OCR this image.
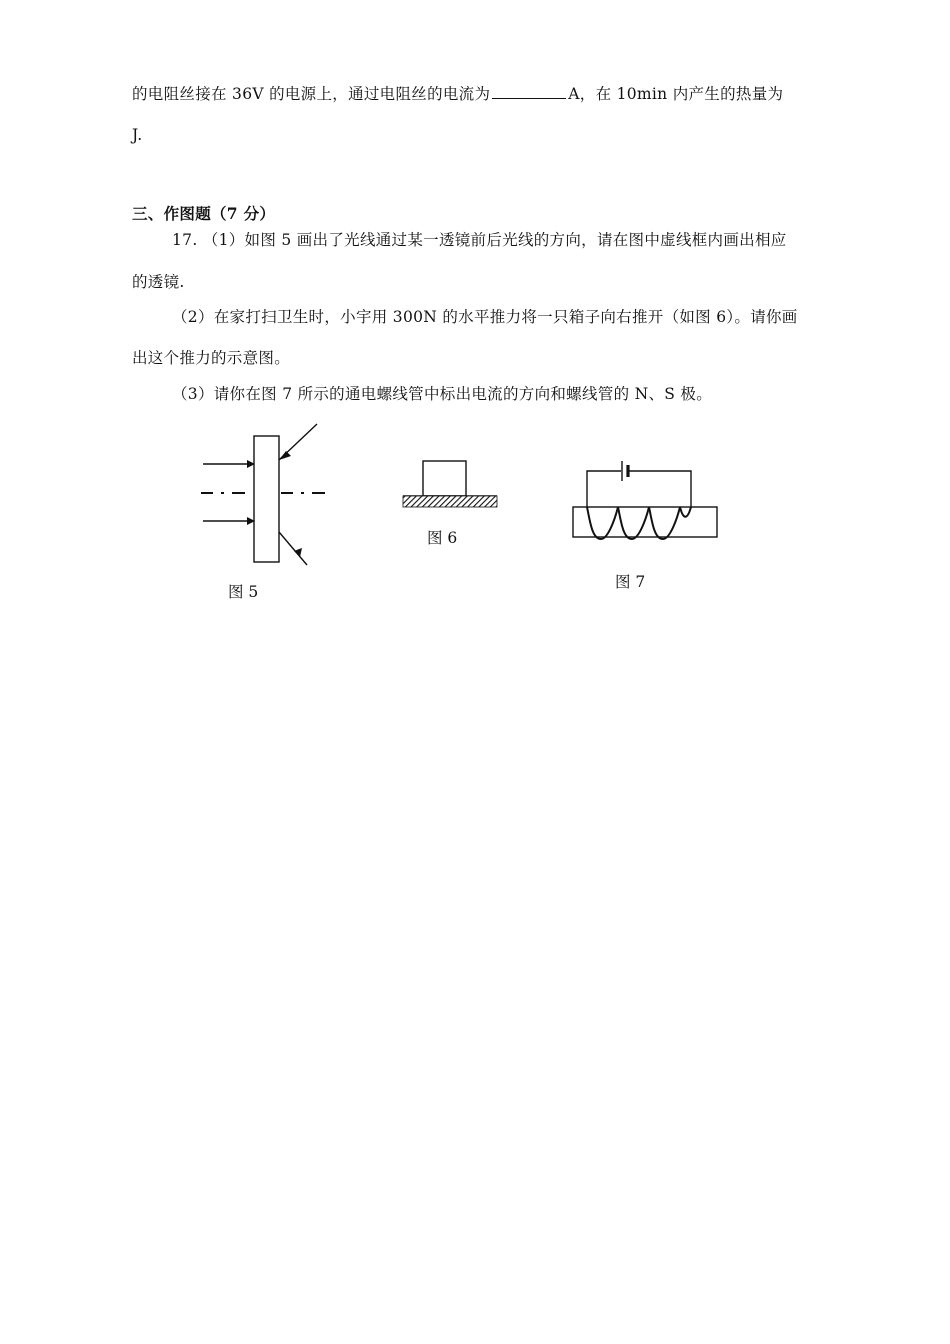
的电阻丝接在 36V 的电源上，通过电阻丝的电流为	A，在 10min 内产生的热量为
J.
三、作图题（7 分）
17. （1）如图 5 画出了光线通过某一透镜前后光线的方向，请在图中虚线框内画出相应
的透镜.
（2）在家打扫卫生时，小宇用 300N 的水平推力将一只箱子向右推开（如图 6）。请你画
出这个推力的示意图。
（3）请你在图 7 所示的通电螺线管中标出电流的方向和螺线管的 N、S 极。
图 5
图 6
图 7
